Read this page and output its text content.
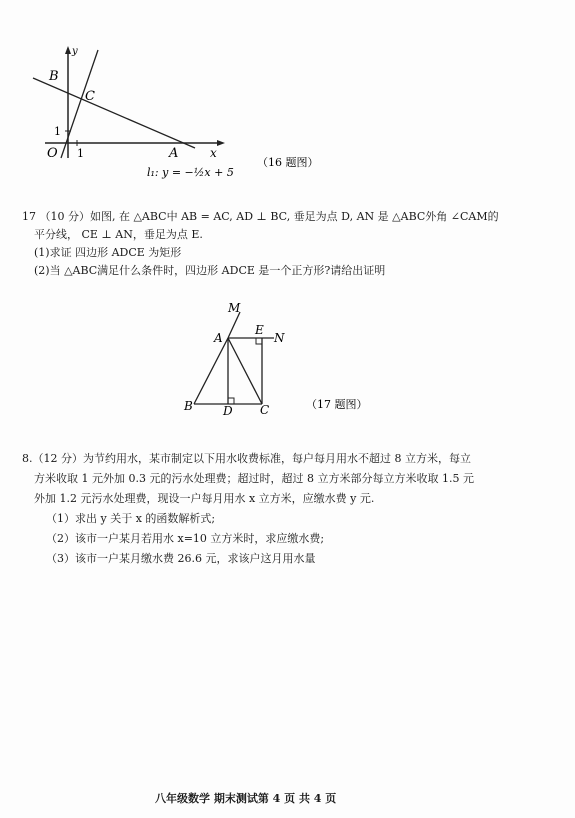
y
B
C
1
O 1	A	x
l₁: y = −½x + 5
（16 题图）
17 （10 分）如图, 在 △ABC中 AB = AC, AD ⊥ BC, 垂足为点 D, AN 是 △ABC外角 ∠CAM的
平分线， CE ⊥ AN，垂足为点 E.
(1)求证 四边形 ADCE 为矩形
(2)当 △ABC满足什么条件时，四边形 ADCE 是一个正方形?请给出证明
M
A
E
N
B	D C	（17 题图）
8.（12 分）为节约用水，某市制定以下用水收费标准，每户每月用水不超过 8 立方米，每立
方米收取 1 元外加 0.3 元的污水处理费；超过时，超过 8 立方米部分每立方米收取 1.5 元
外加 1.2 元污水处理费，现设一户每月用水 x 立方米，应缴水费 y 元.
（1）求出 y 关于 x 的函数解析式;
（2）该市一户某月若用水 x=10 立方米时，求应缴水费;
（3）该市一户某月缴水费 26.6 元，求该户这月用水量
八年级数学 期末测试第 4 页 共 4 页
